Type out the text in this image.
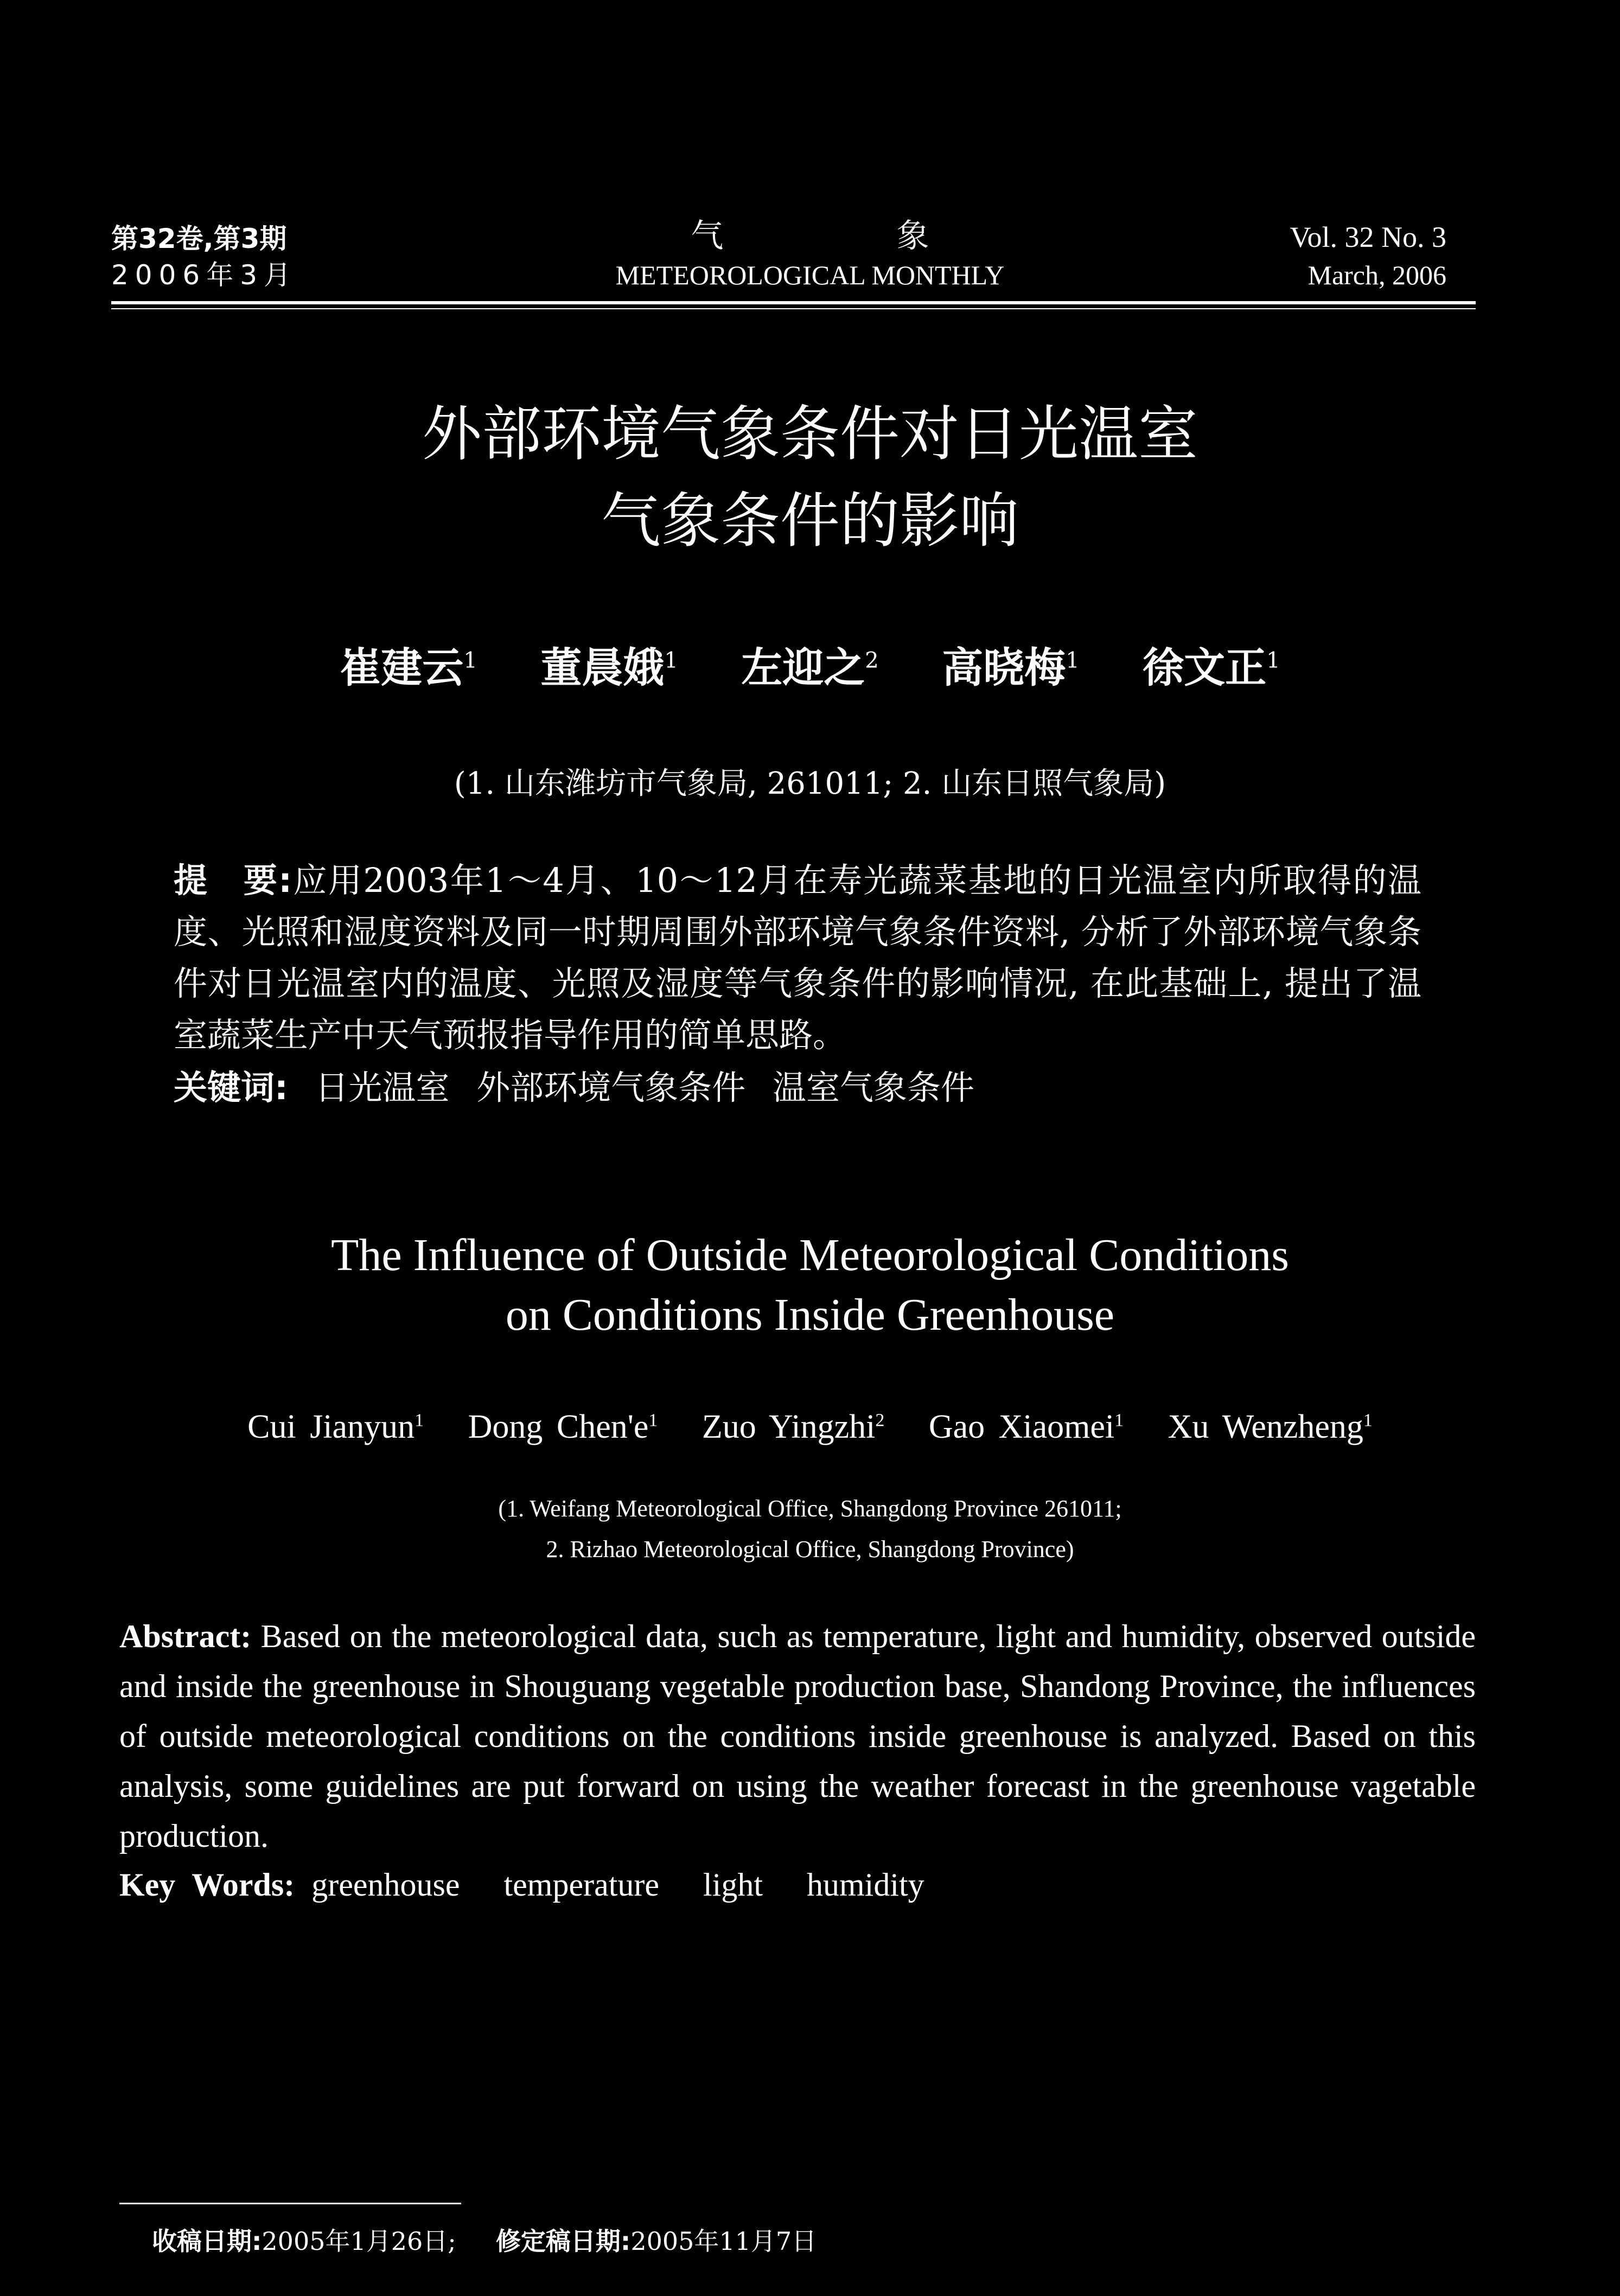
第32卷,第3期
2006年3月
气 象
METEOROLOGICAL MONTHLY
Vol. 32 No. 3
March, 2006
外部环境气象条件对日光温室
气象条件的影响
崔建云$^1$ 董晨娥$^1$ 左迎之$^2$ 高晓梅$^1$ 徐文正$^1$
(1. 山东潍坊市气象局, 261011; 2. 山东日照气象局)
提　要:应用2003年1～4月、10～12月在寿光蔬菜基地的日光温室内所取得的温度、光照和湿度资料及同一时期周围外部环境气象条件资料, 分析了外部环境气象条件对日光温室内的温度、光照及湿度等气象条件的影响情况, 在此基础上, 提出了温室蔬菜生产中天气预报指导作用的简单思路。
关键词: 日光温室 外部环境气象条件 温室气象条件
The Influence of Outside Meteorological Conditions
on Conditions Inside Greenhouse
Cui Jianyun$^1$ Dong $Chen'e^1$ Zuo Yingzhi$^2$ Gao Xiaomei$^1$ Xu Wenzheng$^1$
(1. Weifang Meteorological Office, Shangdong Province 261011;
2. Rizhao Meteorological Office, Shangdong Province)
Abstract: Based on the meteorological data, such as temperature, light and humidity, observed outside and inside the greenhouse in Shouguang vegetable production base, Shandong Province, the influences of outside meteorological conditions on the conditions inside greenhouse is analyzed. Based on this analysis, some guidelines are put forward on using the weather forecast in the greenhouse vagetable production.
Key Words: greenhouse temperature light humidity
收稿日期:2005年1月26日; 修定稿日期:2005年11月7日
